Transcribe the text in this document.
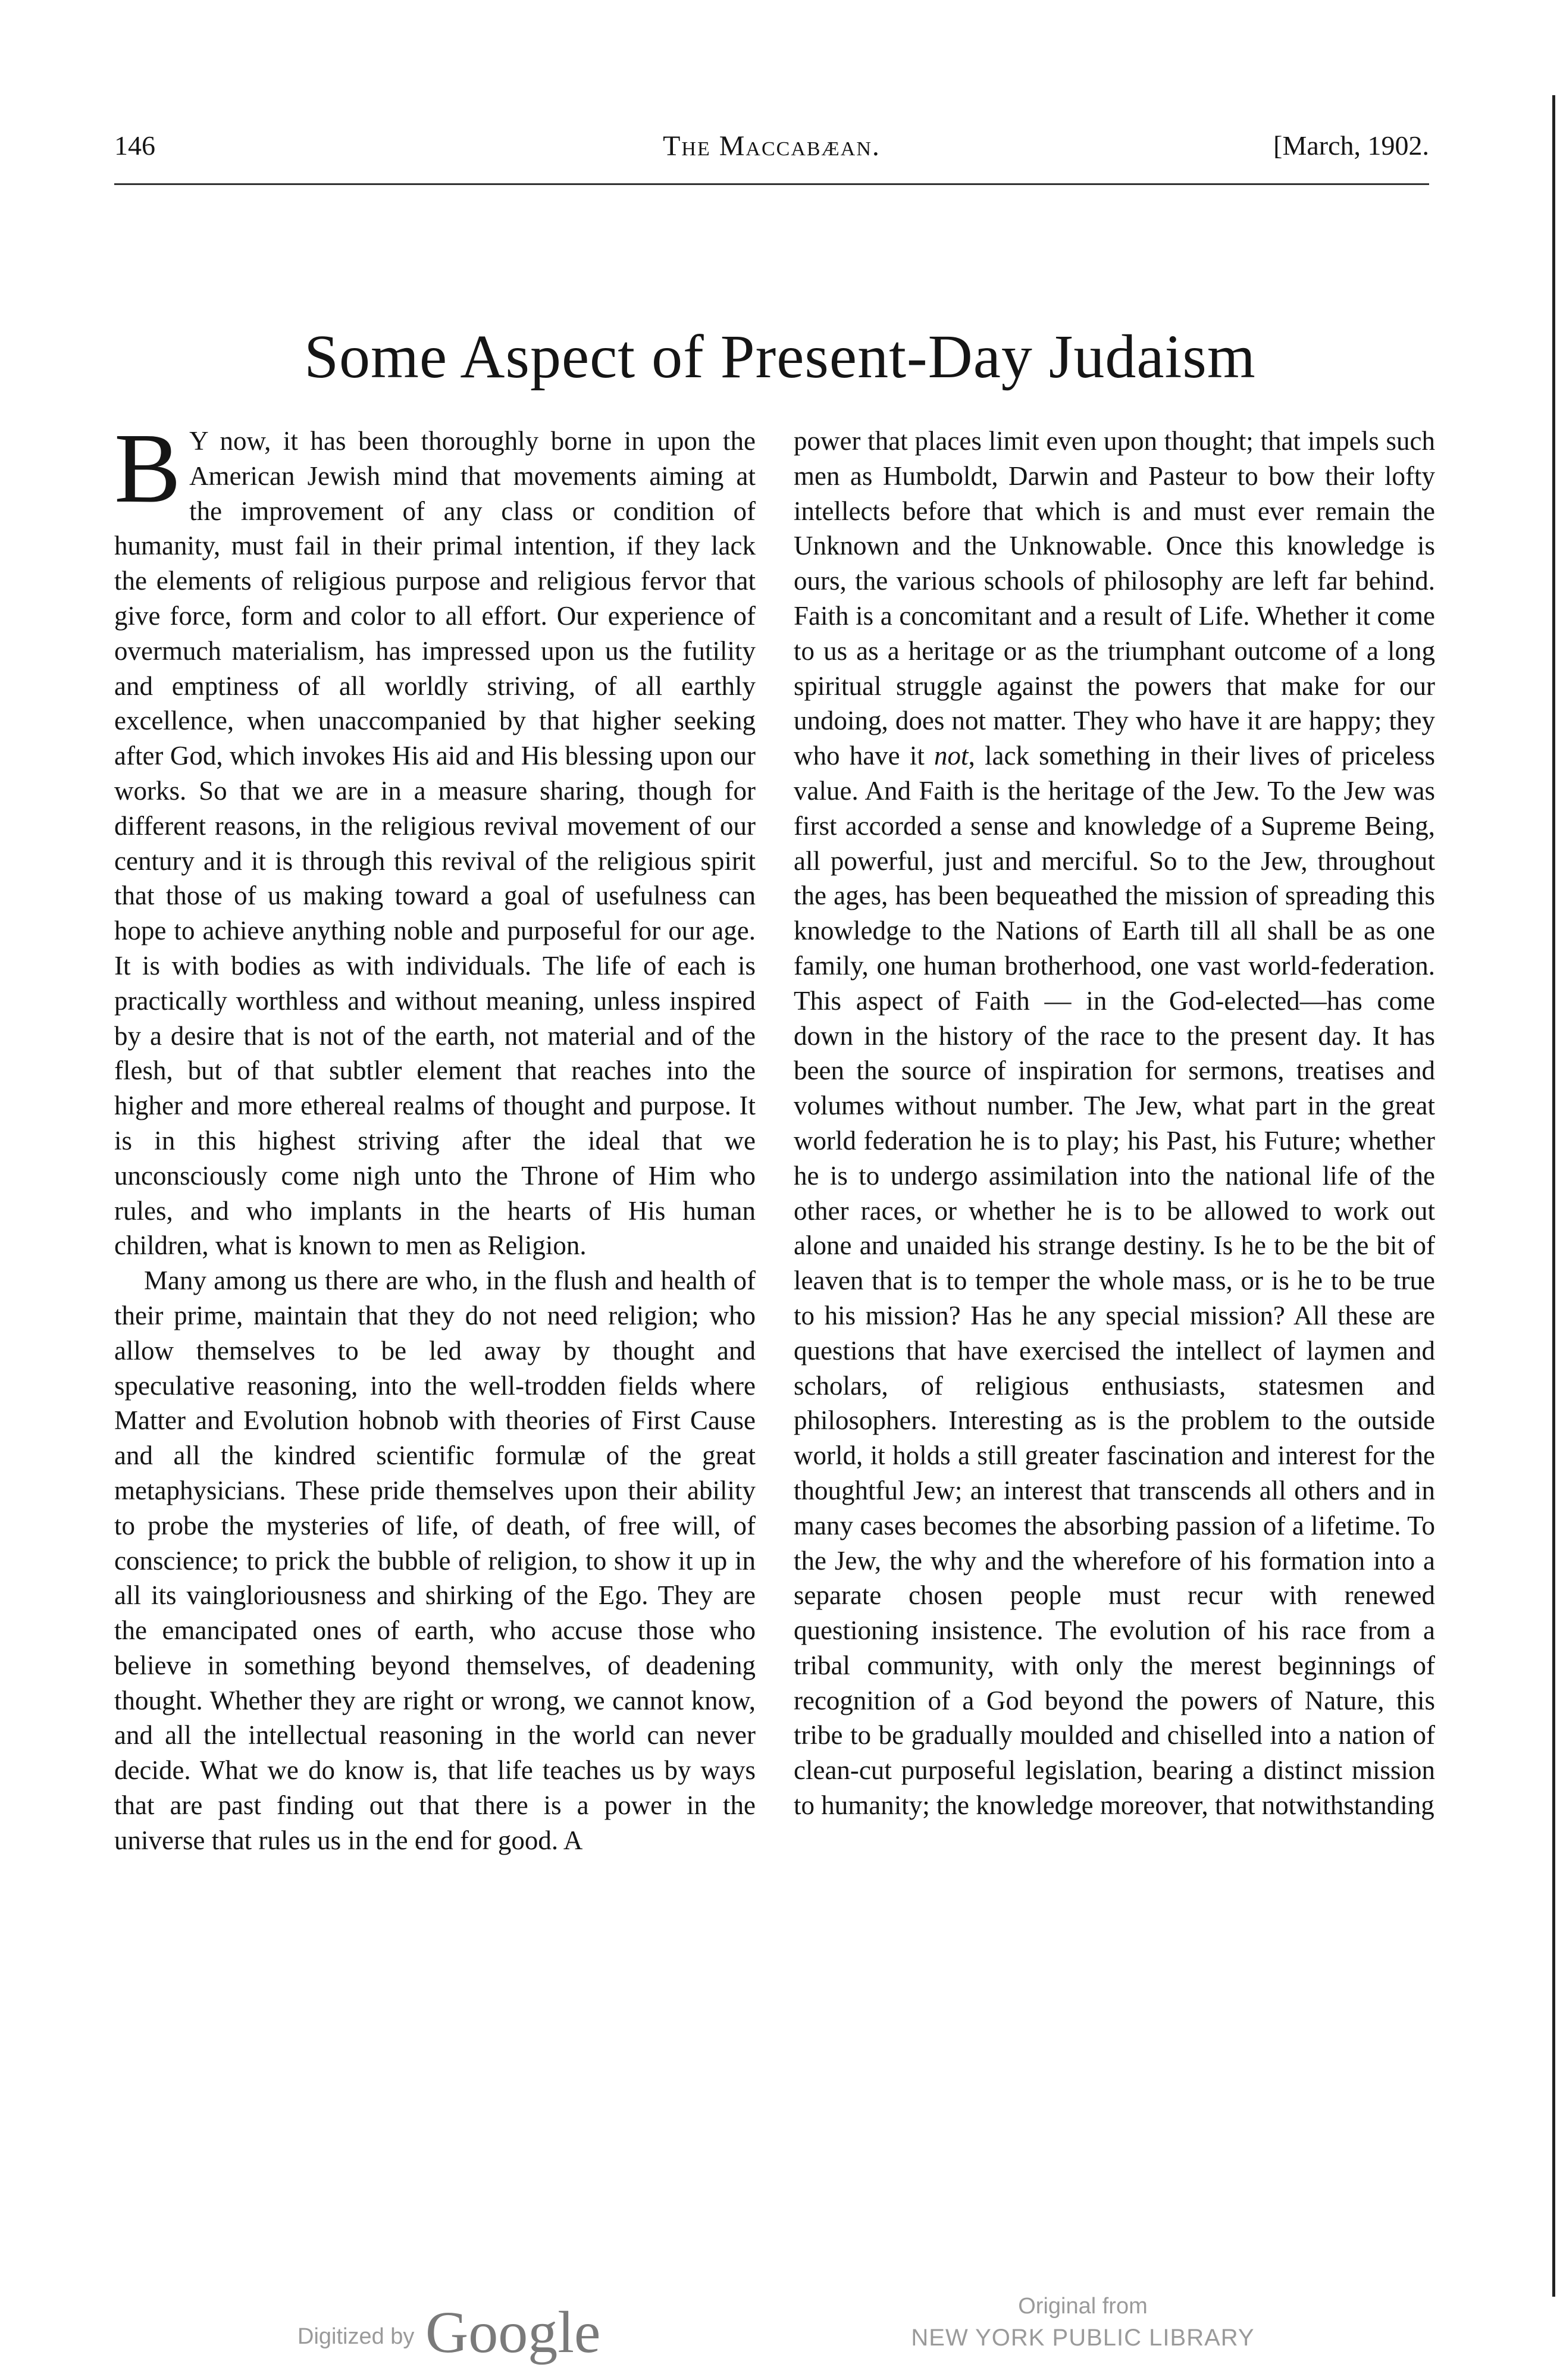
146	The Maccabæan.	[March, 1902.
Some Aspect of Present-Day Judaism

B Y now, it has been thoroughly borne in upon the American Jewish mind that movements aiming at the improvement of any class or condition of humanity, must fail in their primal intention, if they lack the elements of religious purpose and religious fervor that give force, form and color to all effort. Our experience of overmuch materialism, has impressed upon us the futility and emptiness of all worldly striving, of all earthly excellence, when unaccompanied by that higher seeking after God, which invokes His aid and His blessing upon our works. So that we are in a measure sharing, though for different reasons, in the religious revival movement of our century and it is through this revival of the religious spirit that those of us making toward a goal of usefulness can hope to achieve anything noble and purposeful for our age. It is with bodies as with individuals. The life of each is practically worthless and without meaning, unless inspired by a desire that is not of the earth, not material and of the flesh, but of that subtler element that reaches into the higher and more ethereal realms of thought and purpose. It is in this highest striving after the ideal that we unconsciously come nigh unto the Throne of Him who rules, and who implants in the hearts of His human children, what is known to men as Religion.

Many among us there are who, in the flush and health of their prime, maintain that they do not need religion; who allow themselves to be led away by thought and speculative reasoning, into the well-trodden fields where Matter and Evolution hobnob with theories of First Cause and all the kindred scientific formulæ of the great metaphysicians. These pride themselves upon their ability to probe the mysteries of life, of death, of free will, of conscience; to prick the bubble of religion, to show it up in all its vaingloriousness and shirking of the Ego. They are the emancipated ones of earth, who accuse those who believe in something beyond themselves, of deadening thought. Whether they are right or wrong, we cannot know, and all the intellectual reasoning in the world can never decide. What we do know is, that life teaches us by ways that are past finding out that there is a power in the universe that rules us in the end for good. A

power that places limit even upon thought; that impels such men as Humboldt, Darwin and Pasteur to bow their lofty intellects before that which is and must ever remain the Unknown and the Unknowable. Once this knowledge is ours, the various schools of philosophy are left far behind. Faith is a concomitant and a result of Life. Whether it come to us as a heritage or as the triumphant outcome of a long spiritual struggle against the powers that make for our undoing, does not matter. They who have it are happy; they who have it not, lack something in their lives of priceless value. And Faith is the heritage of the Jew. To the Jew was first accorded a sense and knowledge of a Supreme Being, all powerful, just and merciful. So to the Jew, throughout the ages, has been bequeathed the mission of spreading this knowledge to the Nations of Earth till all shall be as one family, one human brotherhood, one vast world-federation. This aspect of Faith — in the God-elected—has come down in the history of the race to the present day. It has been the source of inspiration for sermons, treatises and volumes without number. The Jew, what part in the great world federation he is to play; his Past, his Future; whether he is to undergo assimilation into the national life of the other races, or whether he is to be allowed to work out alone and unaided his strange destiny. Is he to be the bit of leaven that is to temper the whole mass, or is he to be true to his mission? Has he any special mission? All these are questions that have exercised the intellect of laymen and scholars, of religious enthusiasts, statesmen and philosophers. Interesting as is the problem to the outside world, it holds a still greater fascination and interest for the thoughtful Jew; an interest that transcends all others and in many cases becomes the absorbing passion of a lifetime. To the Jew, the why and the wherefore of his formation into a separate chosen people must recur with renewed questioning insistence. The evolution of his race from a tribal community, with only the merest beginnings of recognition of a God beyond the powers of Nature, this tribe to be gradually moulded and chiselled into a nation of clean-cut purposeful legislation, bearing a distinct mission to humanity; the knowledge moreover, that notwithstanding

Digitized by Google	Original from
NEW YORK PUBLIC LIBRARY
